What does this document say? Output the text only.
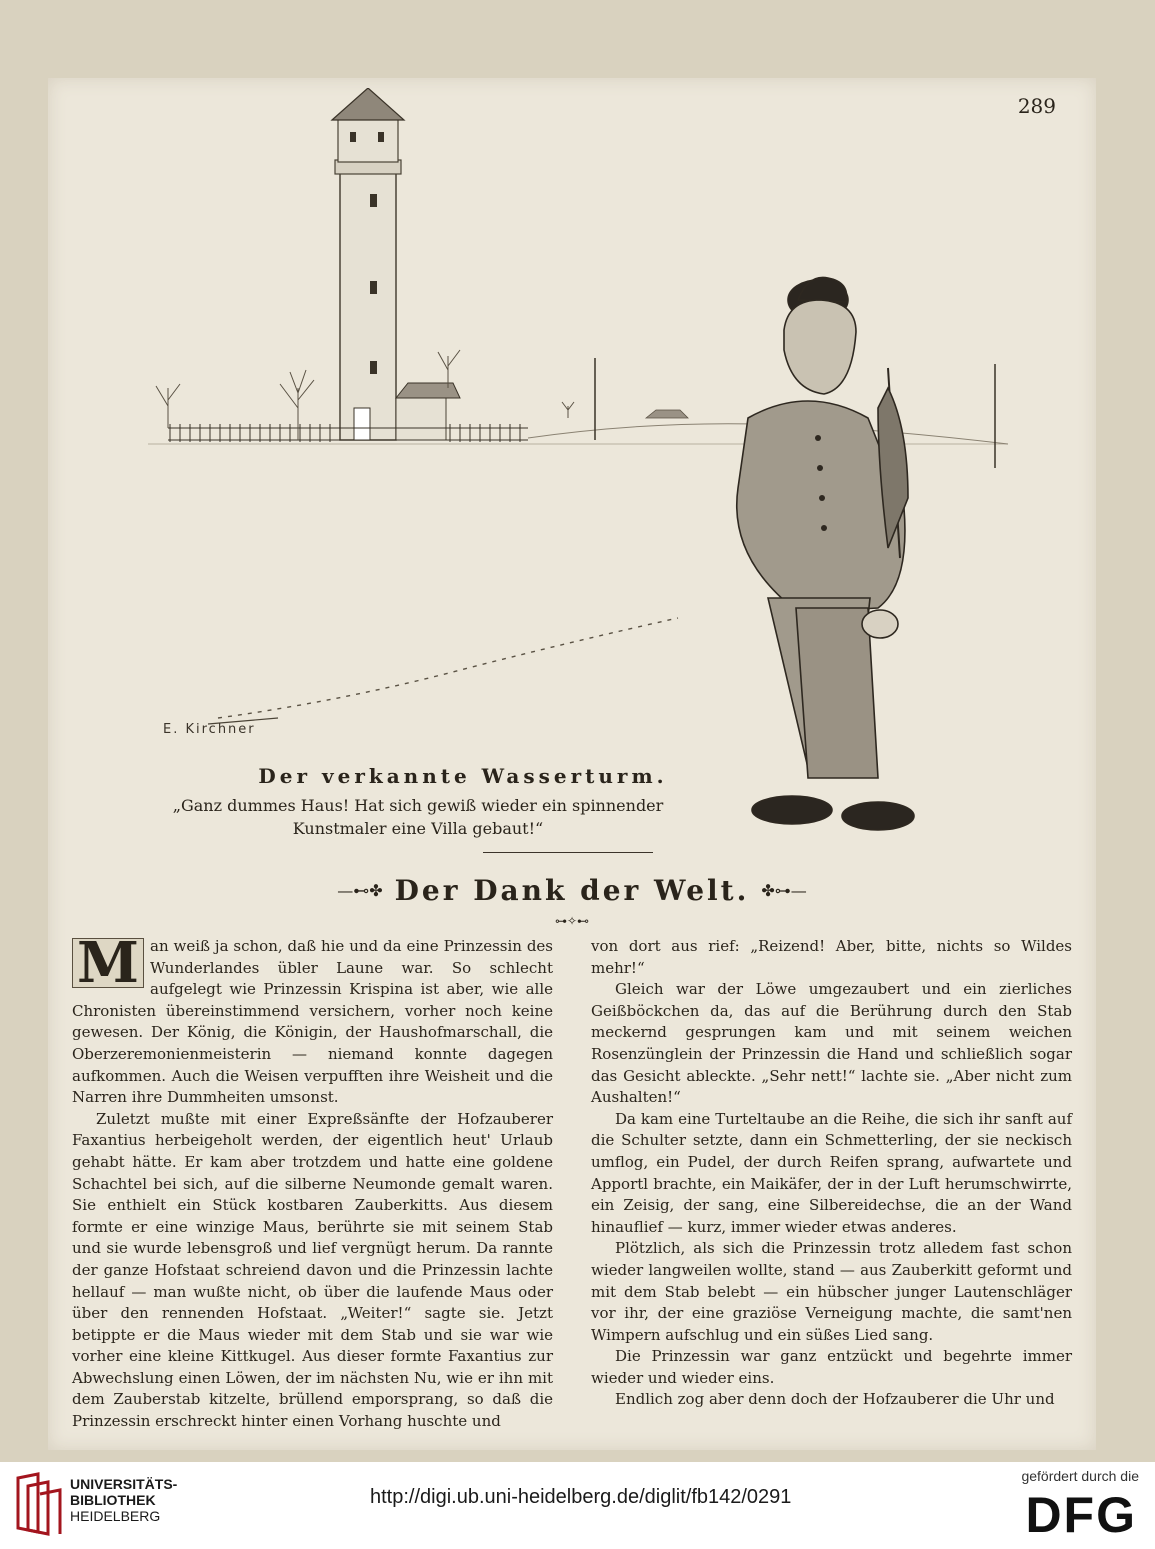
289
E. Kirchner
Der verkannte Wasserturm.
„Ganz dummes Haus! Hat sich gewiß wieder ein spinnender Kunstmaler eine Villa gebaut!“
—⊷✤ Der Dank der Welt. ✤⊶—
⊶✧⊷

M an weiß ja schon, daß hie und da eine Prinzessin des Wunderlandes übler Laune war. So schlecht aufgelegt wie Prinzessin Krispina ist aber, wie alle Chronisten übereinstimmend versichern, vorher noch keine gewesen. Der König, die Königin, der Haushofmarschall, die Oberzeremonienmeisterin — niemand konnte dagegen aufkommen. Auch die Weisen verpufften ihre Weisheit und die Narren ihre Dummheiten umsonst.

Zuletzt mußte mit einer Expreßsänfte der Hofzauberer Faxantius herbeigeholt werden, der eigentlich heut' Urlaub gehabt hätte. Er kam aber trotzdem und hatte eine goldene Schachtel bei sich, auf die silberne Neumonde gemalt waren. Sie enthielt ein Stück kostbaren Zauberkitts. Aus diesem formte er eine winzige Maus, berührte sie mit seinem Stab und sie wurde lebensgroß und lief vergnügt herum. Da rannte der ganze Hofstaat schreiend davon und die Prinzessin lachte hellauf — man wußte nicht, ob über die laufende Maus oder über den rennenden Hofstaat. „Weiter!“ sagte sie. Jetzt betippte er die Maus wieder mit dem Stab und sie war wie vorher eine kleine Kittkugel. Aus dieser formte Faxantius zur Abwechslung einen Löwen, der im nächsten Nu, wie er ihn mit dem Zauberstab kitzelte, brüllend emporsprang, so daß die Prinzessin erschreckt hinter einen Vorhang huschte und

von dort aus rief: „Reizend! Aber, bitte, nichts so Wildes mehr!“

Gleich war der Löwe umgezaubert und ein zierliches Geißböckchen da, das auf die Berührung durch den Stab meckernd gesprungen kam und mit seinem weichen Rosenzünglein der Prinzessin die Hand und schließlich sogar das Gesicht ableckte. „Sehr nett!“ lachte sie. „Aber nicht zum Aushalten!“

Da kam eine Turteltaube an die Reihe, die sich ihr sanft auf die Schulter setzte, dann ein Schmetterling, der sie neckisch umflog, ein Pudel, der durch Reifen sprang, aufwartete und Apportl brachte, ein Maikäfer, der in der Luft herumschwirrte, ein Zeisig, der sang, eine Silbereidechse, die an der Wand hinauflief — kurz, immer wieder etwas anderes.

Plötzlich, als sich die Prinzessin trotz alledem fast schon wieder langweilen wollte, stand — aus Zauberkitt geformt und mit dem Stab belebt — ein hübscher junger Lautenschläger vor ihr, der eine graziöse Verneigung machte, die samt'nen Wimpern aufschlug und ein süßes Lied sang.

Die Prinzessin war ganz entzückt und begehrte immer wieder und wieder eins.

Endlich zog aber denn doch der Hofzauberer die Uhr und

UNIVERSITÄTS-
BIBLIOTHEK
HEIDELBERG
http://digi.ub.uni-heidelberg.de/diglit/fb142/0291
gefördert durch die
DFG
